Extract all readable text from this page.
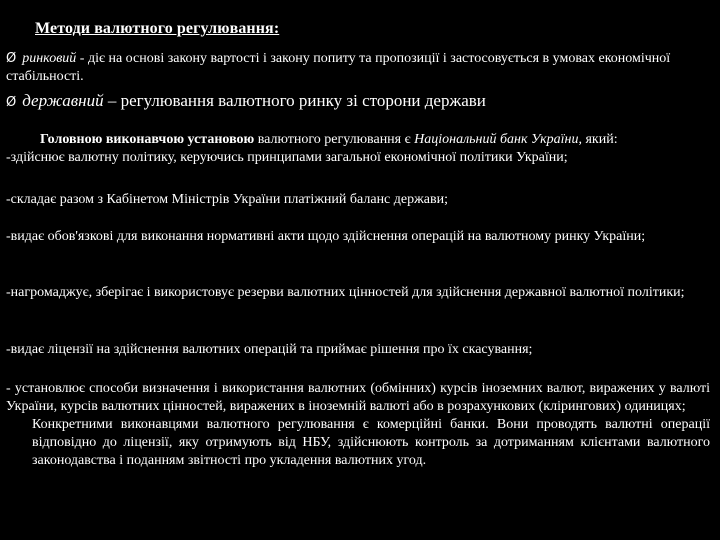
Методи валютного регулювання:
Ø ринковий - діє на основі закону вартості і закону попиту та пропозиції і застосовується в умовах економічної стабільності.
Ø державний – регулювання валютного ринку зі сторони держави
Головною виконавчою установою валютного регулювання є Національний банк України, який:
-здійснює валютну політику, керуючись принципами загальної економічної політики України;
-складає разом з Кабінетом Міністрів України платіжний баланс держави;
-видає обов'язкові для виконання нормативні акти щодо здійснення операцій на валютному ринку України;
-нагромаджує, зберігає і використовує резерви валютних цінностей для здійснення державної валютної політики;
-видає ліцензії на здійснення валютних операцій та приймає рішення про їх скасування;
- установлює способи визначення і використання валютних (обмінних) курсів іноземних валют, виражених у валюті України, курсів валютних цінностей, виражених в іноземній валюті або в розрахункових (клірингових) одиницях;
Конкретними виконавцями валютного регулювання є комерційні банки. Вони проводять валютні операції відповідно до ліцензії, яку отримують від НБУ, здійснюють контроль за дотриманням клієнтами валютного законодавства і поданням звітності про укладення валютних угод.
